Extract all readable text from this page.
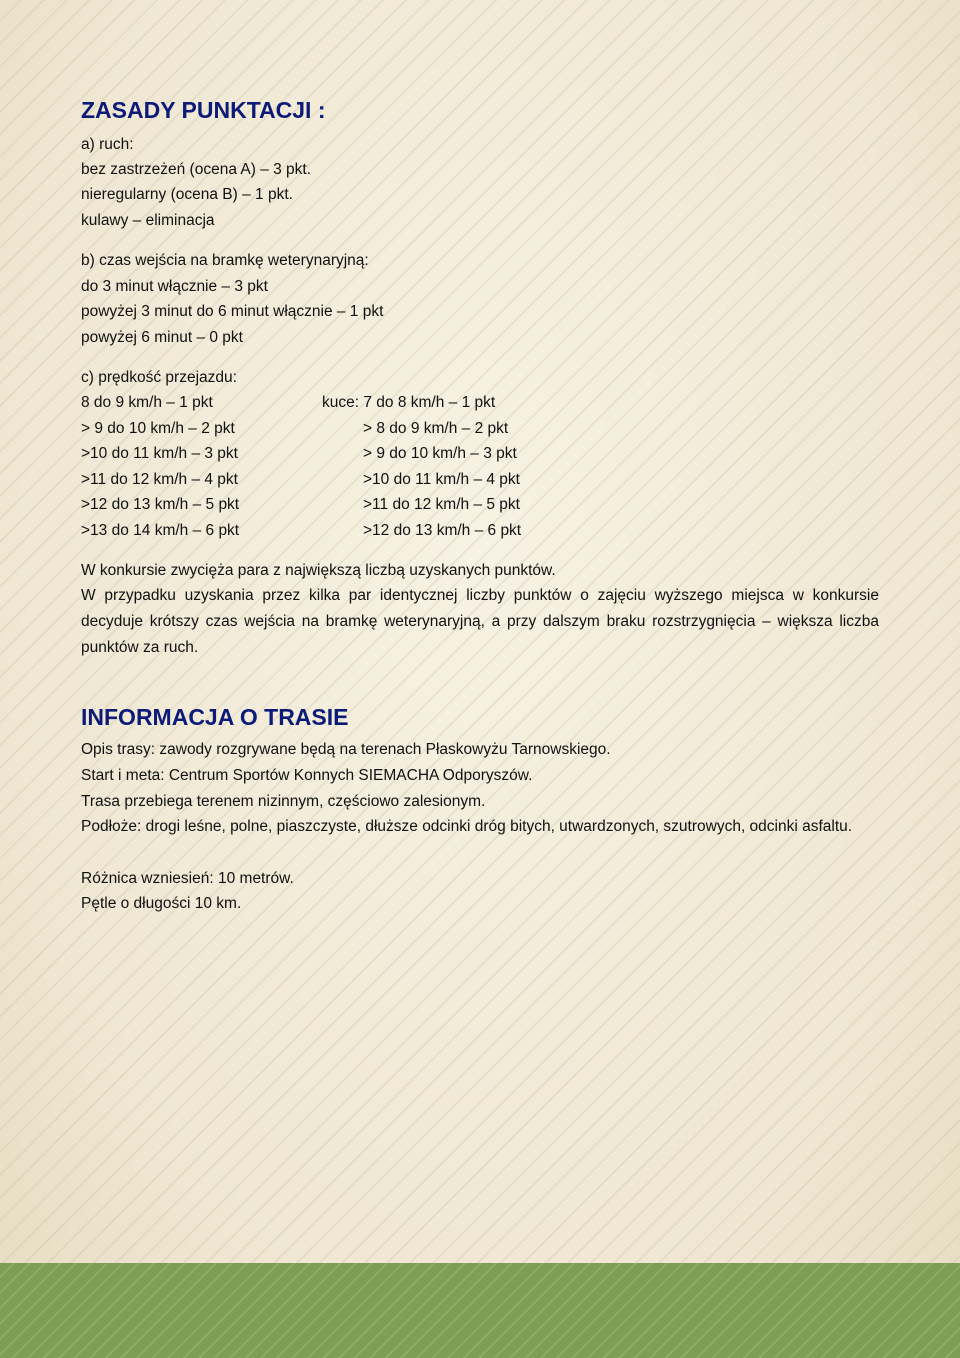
ZASADY PUNKTACJI :
a) ruch:
bez zastrzeżeń (ocena A) – 3 pkt.
nieregularny (ocena B) – 1 pkt.
kulawy – eliminacja
b) czas wejścia na bramkę weterynaryjną:
do 3 minut włącznie – 3 pkt
powyżej 3 minut do 6 minut włącznie – 1 pkt
powyżej 6 minut – 0 pkt
c) prędkość przejazdu:
8 do 9 km/h – 1 pkt
> 9 do 10 km/h – 2 pkt
>10 do 11 km/h – 3 pkt
>11 do 12 km/h – 4 pkt
>12 do 13 km/h – 5 pkt
>13 do 14 km/h – 6 pkt
kuce: 7 do 8 km/h – 1 pkt
> 8 do 9 km/h – 2 pkt
> 9 do 10 km/h – 3 pkt
>10 do 11 km/h – 4 pkt
>11 do 12 km/h – 5 pkt
>12 do 13 km/h – 6 pkt
W konkursie zwycięża para z największą liczbą uzyskanych punktów.
W przypadku uzyskania przez kilka par identycznej liczby punktów o zajęciu wyższego miejsca w konkursie decyduje krótszy czas wejścia na bramkę weterynaryjną, a przy dalszym braku rozstrzygnięcia – większa liczba punktów za ruch.
INFORMACJA O TRASIE
Opis trasy: zawody rozgrywane będą na terenach Płaskowyżu Tarnowskiego.
Start i meta: Centrum Sportów Konnych SIEMACHA Odporyszów.
Trasa przebiega terenem nizinnym, częściowo zalesionym.
Podłoże: drogi leśne, polne, piaszczyste, dłuższe odcinki dróg bitych, utwardzonych, szutrowych, odcinki asfaltu.
Różnica wzniesień: 10 metrów.
Pętle o długości 10 km.
